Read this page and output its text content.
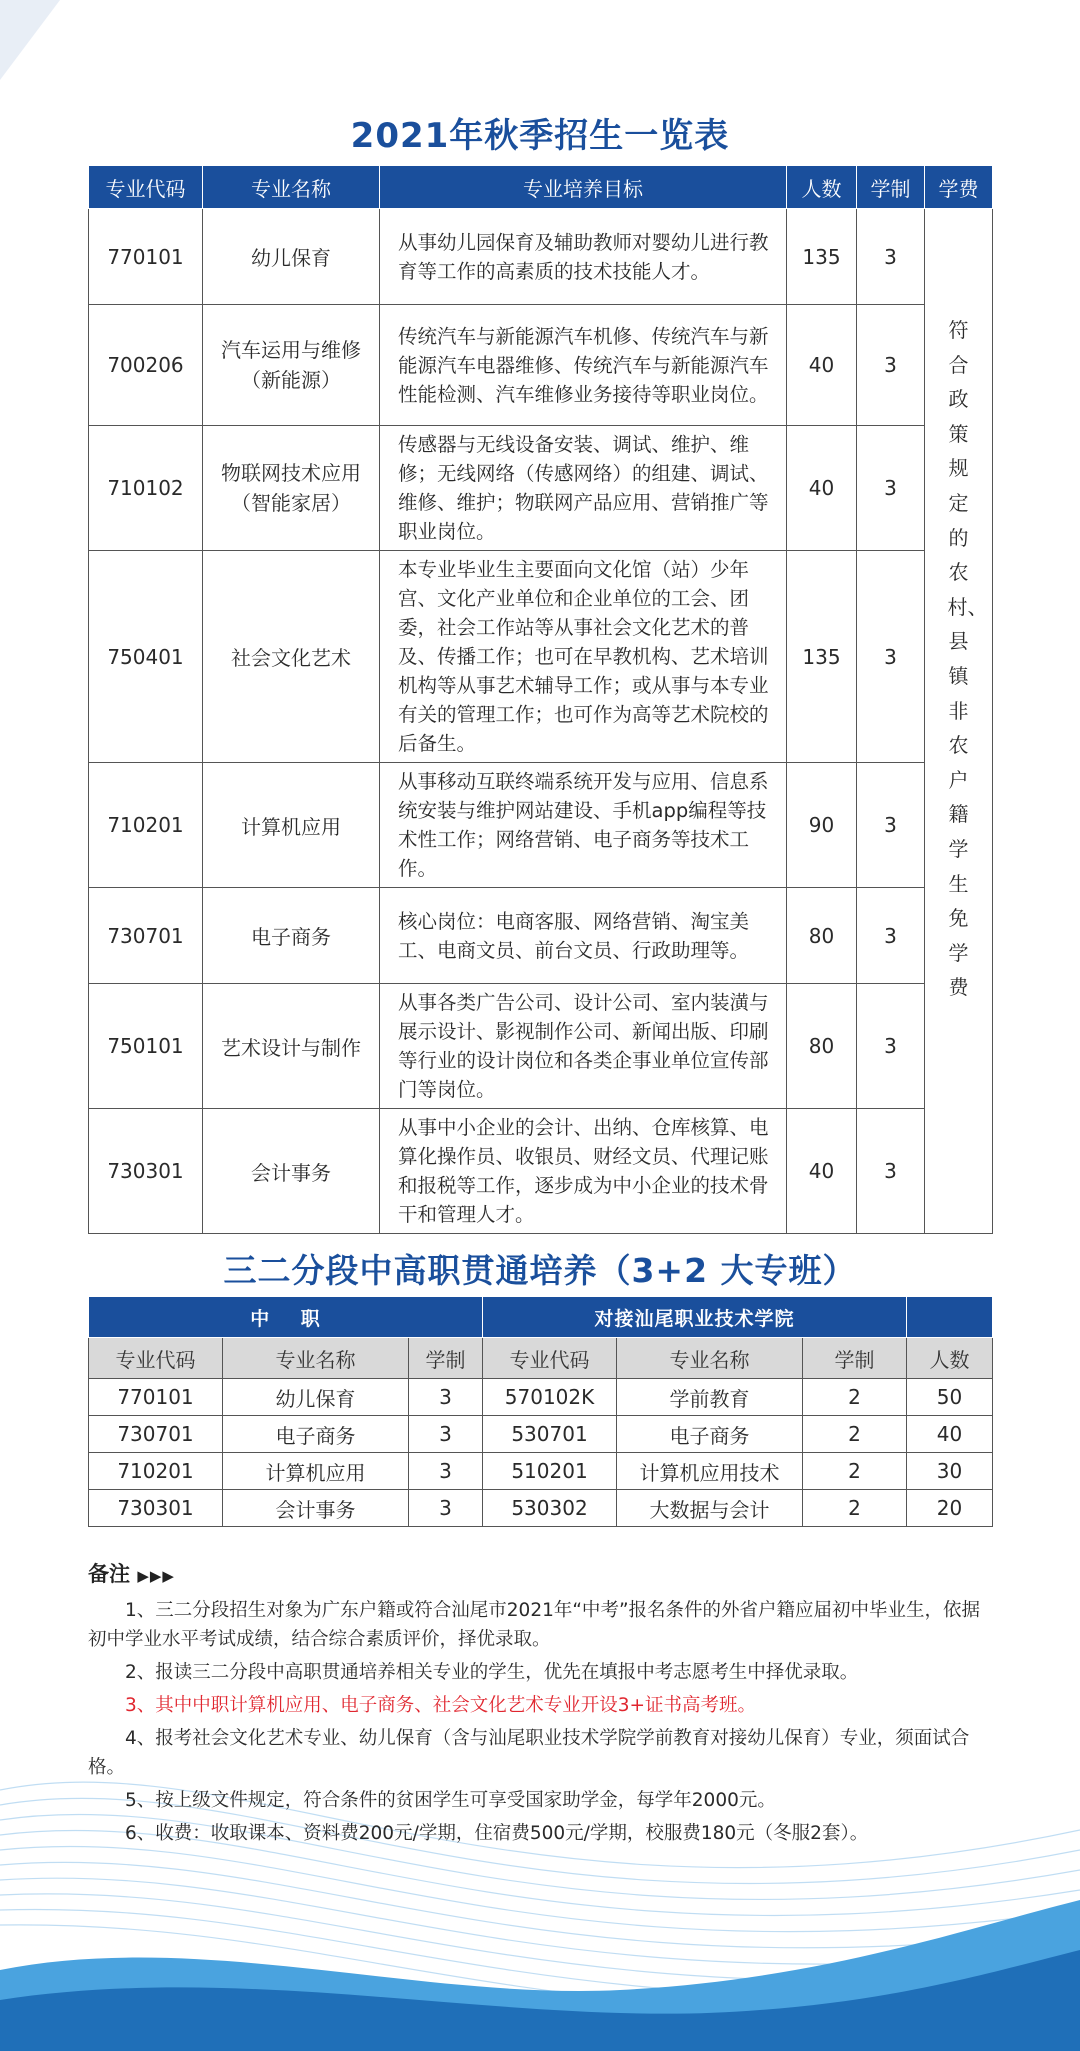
2021年秋季招生一览表
专业代码	专业名称	专业培养目标	人数	学制	学费
770101	幼儿保育	从事幼儿园保育及辅助教师对婴幼儿进行教育等工作的高素质的技术技能人才。	135	3	符合政策规定的农村、县镇非农户籍学生免学费

700206	汽车运用与维修（新能源）	传统汽车与新能源汽车机修、传统汽车与新能源汽车电器维修、传统汽车与新能源汽车性能检测、汽车维修业务接待等职业岗位。	40	3	
710102	物联网技术应用（智能家居）	传感器与无线设备安装、调试、维护、维修；无线网络（传感网络）的组建、调试、维修、维护；物联网产品应用、营销推广等职业岗位。	40	3	
750401	社会文化艺术	本专业毕业生主要面向文化馆（站）少年宫、文化产业单位和企业单位的工会、团委，社会工作站等从事社会文化艺术的普及、传播工作；也可在早教机构、艺术培训机构等从事艺术辅导工作；或从事与本专业有关的管理工作；也可作为高等艺术院校的后备生。	135	3	
710201	计算机应用	从事移动互联终端系统开发与应用、信息系统安装与维护网站建设、手机app编程等技术性工作；网络营销、电子商务等技术工作。	90	3	
730701	电子商务	核心岗位：电商客服、网络营销、淘宝美工、电商文员、前台文员、行政助理等。	80	3	
750101	艺术设计与制作	从事各类广告公司、设计公司、室内装潢与展示设计、影视制作公司、新闻出版、印刷等行业的设计岗位和各类企事业单位宣传部门等岗位。	80	3	
730301	会计事务	从事中小企业的会计、出纳、仓库核算、电算化操作员、收银员、财经文员、代理记账和报税等工作，逐步成为中小企业的技术骨干和管理人才。	40	3	
三二分段中高职贯通培养（3+2 大专班）
中    职			对接汕尾职业技术学院			
专业代码	专业名称	学制	专业代码	专业名称	学制	人数
770101	幼儿保育	3	570102K	学前教育	2	50
730701	电子商务	3	530701	电子商务	2	40
710201	计算机应用	3	510201	计算机应用技术	2	30
730301	会计事务	3	530302	大数据与会计	2	20
备注 ▶▶▶
1、三二分段招生对象为广东户籍或符合汕尾市2021年“中考”报名条件的外省户籍应届初中毕业生，依据初中学业水平考试成绩，结合综合素质评价，择优录取。
2、报读三二分段中高职贯通培养相关专业的学生，优先在填报中考志愿考生中择优录取。
3、其中中职计算机应用、电子商务、社会文化艺术专业开设3+证书高考班。
4、报考社会文化艺术专业、幼儿保育（含与汕尾职业技术学院学前教育对接幼儿保育）专业，须面试合格。
5、按上级文件规定，符合条件的贫困学生可享受国家助学金，每学年2000元。
6、收费：收取课本、资料费200元/学期，住宿费500元/学期，校服费180元（冬服2套）。
